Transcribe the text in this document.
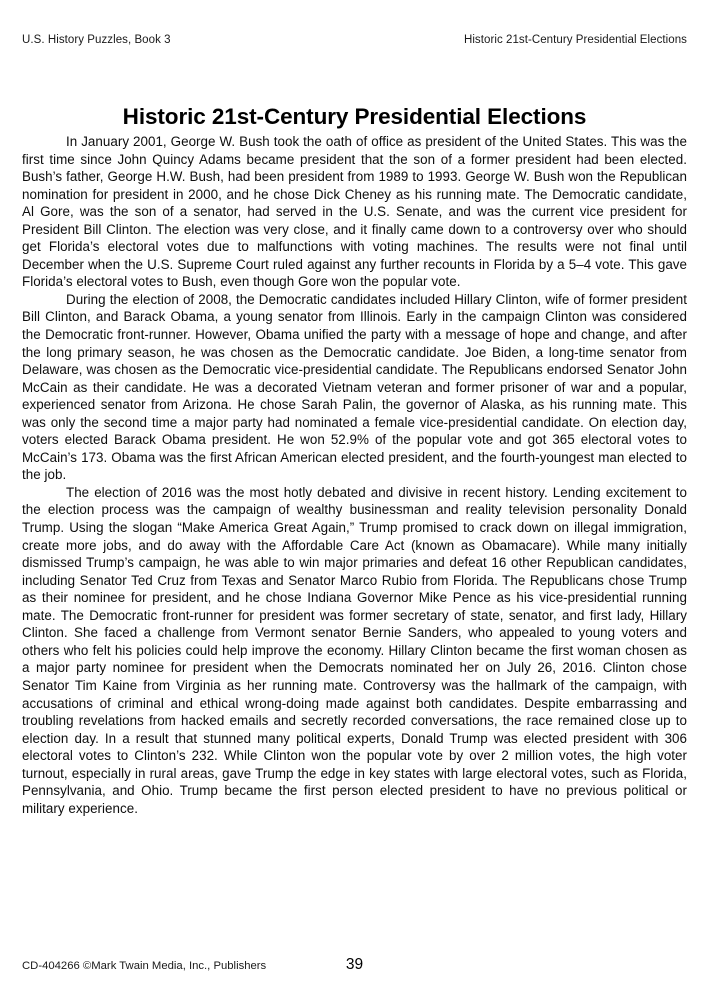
U.S. History Puzzles, Book 3	Historic 21st-Century Presidential Elections
Historic 21st-Century Presidential Elections

In January 2001, George W. Bush took the oath of office as president of the United States. This was the first time since John Quincy Adams became president that the son of a former president had been elected. Bush’s father, George H.W. Bush, had been president from 1989 to 1993. George W. Bush won the Republican nomination for president in 2000, and he chose Dick Cheney as his running mate. The Democratic candidate, Al Gore, was the son of a senator, had served in the U.S. Senate, and was the current vice president for President Bill Clinton. The election was very close, and it finally came down to a controversy over who should get Florida’s electoral votes due to malfunctions with voting machines. The results were not final until December when the U.S. Supreme Court ruled against any further recounts in Florida by a 5–4 vote. This gave Florida’s electoral votes to Bush, even though Gore won the popular vote.

During the election of 2008, the Democratic candidates included Hillary Clinton, wife of former president Bill Clinton, and Barack Obama, a young senator from Illinois. Early in the campaign Clinton was considered the Democratic front-runner. However, Obama unified the party with a message of hope and change, and after the long primary season, he was chosen as the Democratic candidate. Joe Biden, a long-time senator from Delaware, was chosen as the Democratic vice-presidential candidate. The Republicans endorsed Senator John McCain as their candidate. He was a decorated Vietnam veteran and former prisoner of war and a popular, experienced senator from Arizona. He chose Sarah Palin, the governor of Alaska, as his running mate. This was only the second time a major party had nominated a female vice-presidential candidate. On election day, voters elected Barack Obama president. He won 52.9% of the popular vote and got 365 electoral votes to McCain’s 173. Obama was the first African American elected president, and the fourth-youngest man elected to the job.

The election of 2016 was the most hotly debated and divisive in recent history. Lending excitement to the election process was the campaign of wealthy businessman and reality television personality Donald Trump. Using the slogan “Make America Great Again,” Trump promised to crack down on illegal immigration, create more jobs, and do away with the Affordable Care Act (known as Obamacare). While many initially dismissed Trump’s campaign, he was able to win major primaries and defeat 16 other Republican candidates, including Senator Ted Cruz from Texas and Senator Marco Rubio from Florida. The Republicans chose Trump as their nominee for president, and he chose Indiana Governor Mike Pence as his vice-presidential running mate. The Democratic front-runner for president was former secretary of state, senator, and first lady, Hillary Clinton. She faced a challenge from Vermont senator Bernie Sanders, who appealed to young voters and others who felt his policies could help improve the economy. Hillary Clinton became the first woman chosen as a major party nominee for president when the Democrats nominated her on July 26, 2016. Clinton chose Senator Tim Kaine from Virginia as her running mate. Controversy was the hallmark of the campaign, with accusations of criminal and ethical wrong-doing made against both candidates. Despite embarrassing and troubling revelations from hacked emails and secretly recorded conversations, the race remained close up to election day. In a result that stunned many political experts, Donald Trump was elected president with 306 electoral votes to Clinton’s 232. While Clinton won the popular vote by over 2 million votes, the high voter turnout, especially in rural areas, gave Trump the edge in key states with large electoral votes, such as Florida, Pennsylvania, and Ohio. Trump became the first person elected president to have no previous political or military experience.

CD-404266 ©Mark Twain Media, Inc., Publishers	39
